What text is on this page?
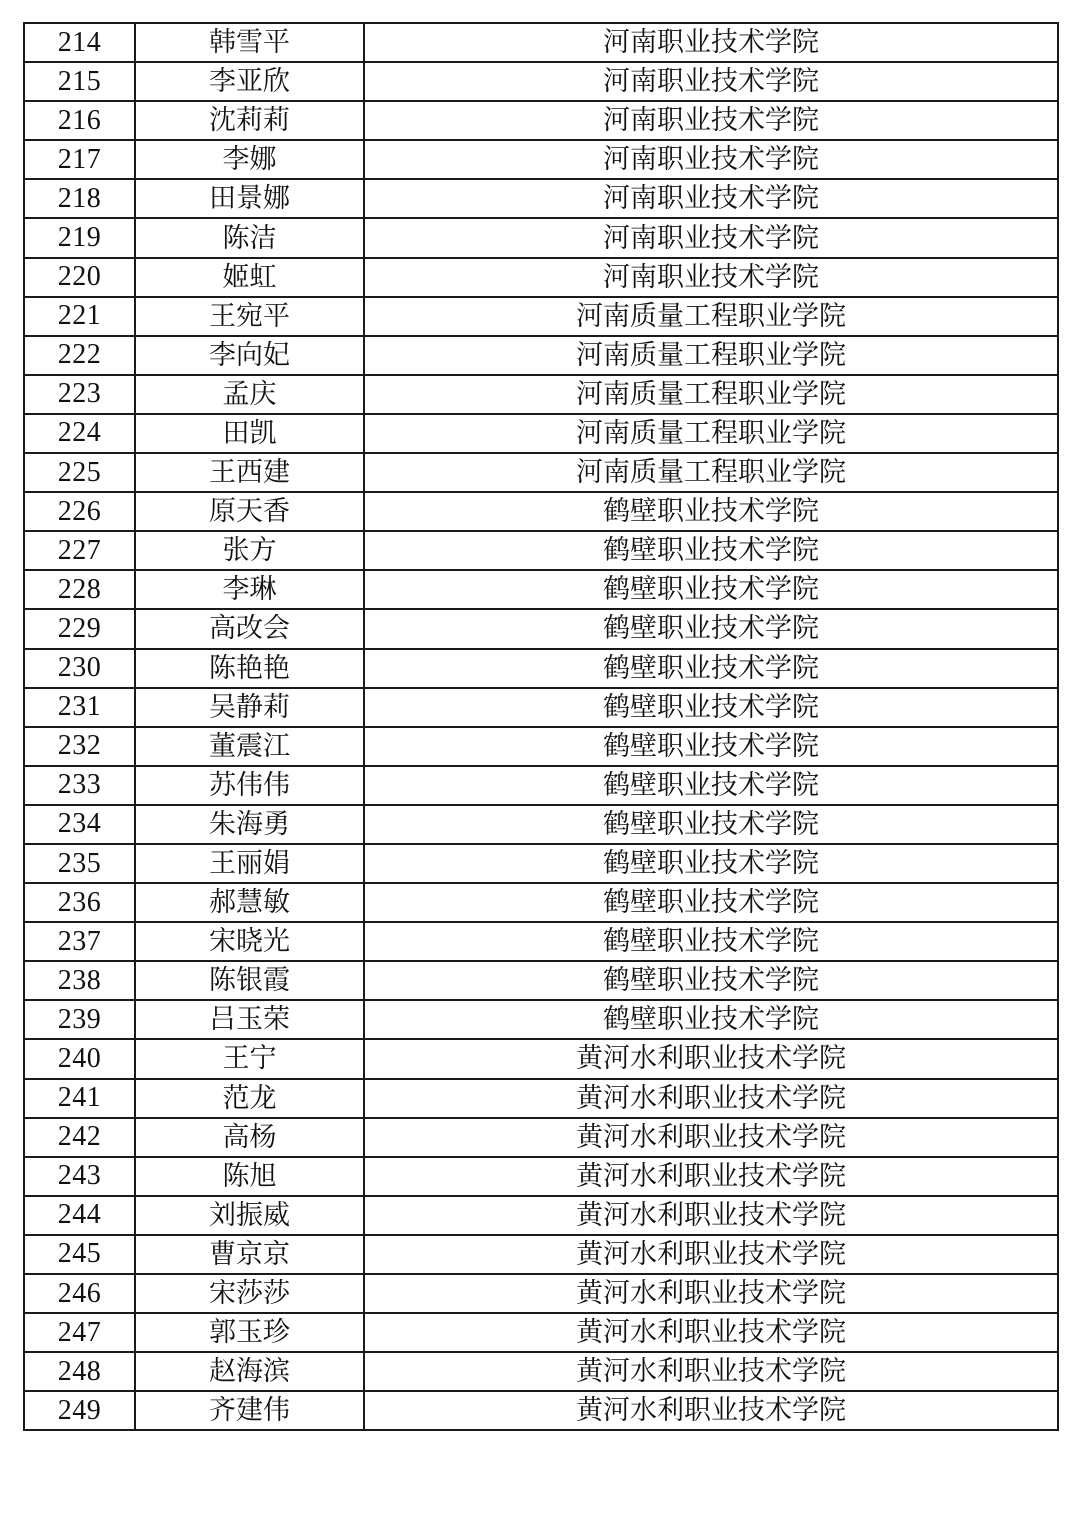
214	韩雪平	河南职业技术学院
215	李亚欣	河南职业技术学院
216	沈莉莉	河南职业技术学院
217	李娜	河南职业技术学院
218	田景娜	河南职业技术学院
219	陈洁	河南职业技术学院
220	姬虹	河南职业技术学院
221	王宛平	河南质量工程职业学院
222	李向妃	河南质量工程职业学院
223	孟庆	河南质量工程职业学院
224	田凯	河南质量工程职业学院
225	王西建	河南质量工程职业学院
226	原天香	鹤壁职业技术学院
227	张方	鹤壁职业技术学院
228	李琳	鹤壁职业技术学院
229	高改会	鹤壁职业技术学院
230	陈艳艳	鹤壁职业技术学院
231	吴静莉	鹤壁职业技术学院
232	董震江	鹤壁职业技术学院
233	苏伟伟	鹤壁职业技术学院
234	朱海勇	鹤壁职业技术学院
235	王丽娟	鹤壁职业技术学院
236	郝慧敏	鹤壁职业技术学院
237	宋晓光	鹤壁职业技术学院
238	陈银霞	鹤壁职业技术学院
239	吕玉荣	鹤壁职业技术学院
240	王宁	黄河水利职业技术学院
241	范龙	黄河水利职业技术学院
242	高杨	黄河水利职业技术学院
243	陈旭	黄河水利职业技术学院
244	刘振威	黄河水利职业技术学院
245	曹京京	黄河水利职业技术学院
246	宋莎莎	黄河水利职业技术学院
247	郭玉珍	黄河水利职业技术学院
248	赵海滨	黄河水利职业技术学院
249	齐建伟	黄河水利职业技术学院
